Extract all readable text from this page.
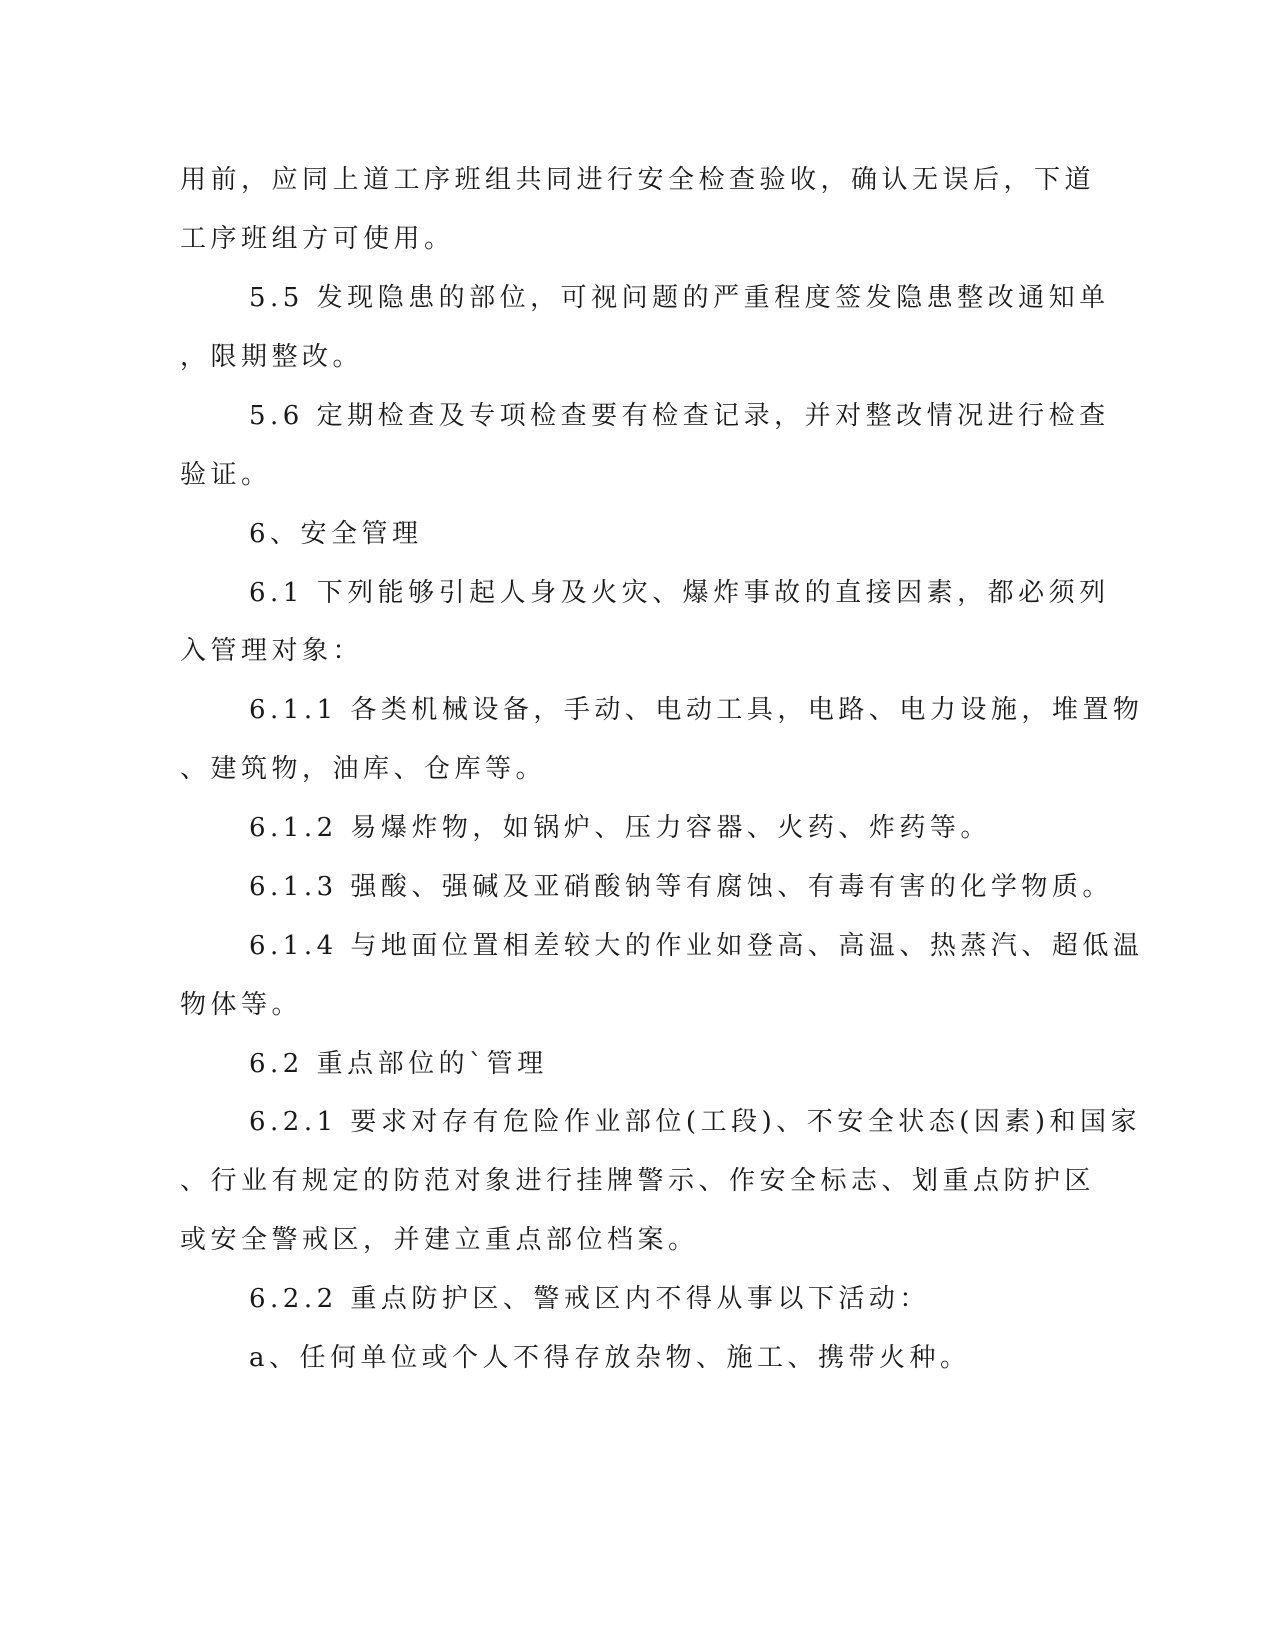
用前，应同上道工序班组共同进行安全检查验收，确认无误后，下道
工序班组方可使用。
5.5 发现隐患的部位，可视问题的严重程度签发隐患整改通知单
，限期整改。
5.6 定期检查及专项检查要有检查记录，并对整改情况进行检查
验证。
6、安全管理
6.1 下列能够引起人身及火灾、爆炸事故的直接因素，都必须列
入管理对象：
6.1.1 各类机械设备，手动、电动工具，电路、电力设施，堆置物
、建筑物，油库、仓库等。
6.1.2 易爆炸物，如锅炉、压力容器、火药、炸药等。
6.1.3 强酸、强碱及亚硝酸钠等有腐蚀、有毒有害的化学物质。
6.1.4 与地面位置相差较大的作业如登高、高温、热蒸汽、超低温
物体等。
6.2 重点部位的`管理
6.2.1 要求对存有危险作业部位(工段)、不安全状态(因素)和国家
、行业有规定的防范对象进行挂牌警示、作安全标志、划重点防护区
或安全警戒区，并建立重点部位档案。
6.2.2 重点防护区、警戒区内不得从事以下活动：
a、任何单位或个人不得存放杂物、施工、携带火种。
